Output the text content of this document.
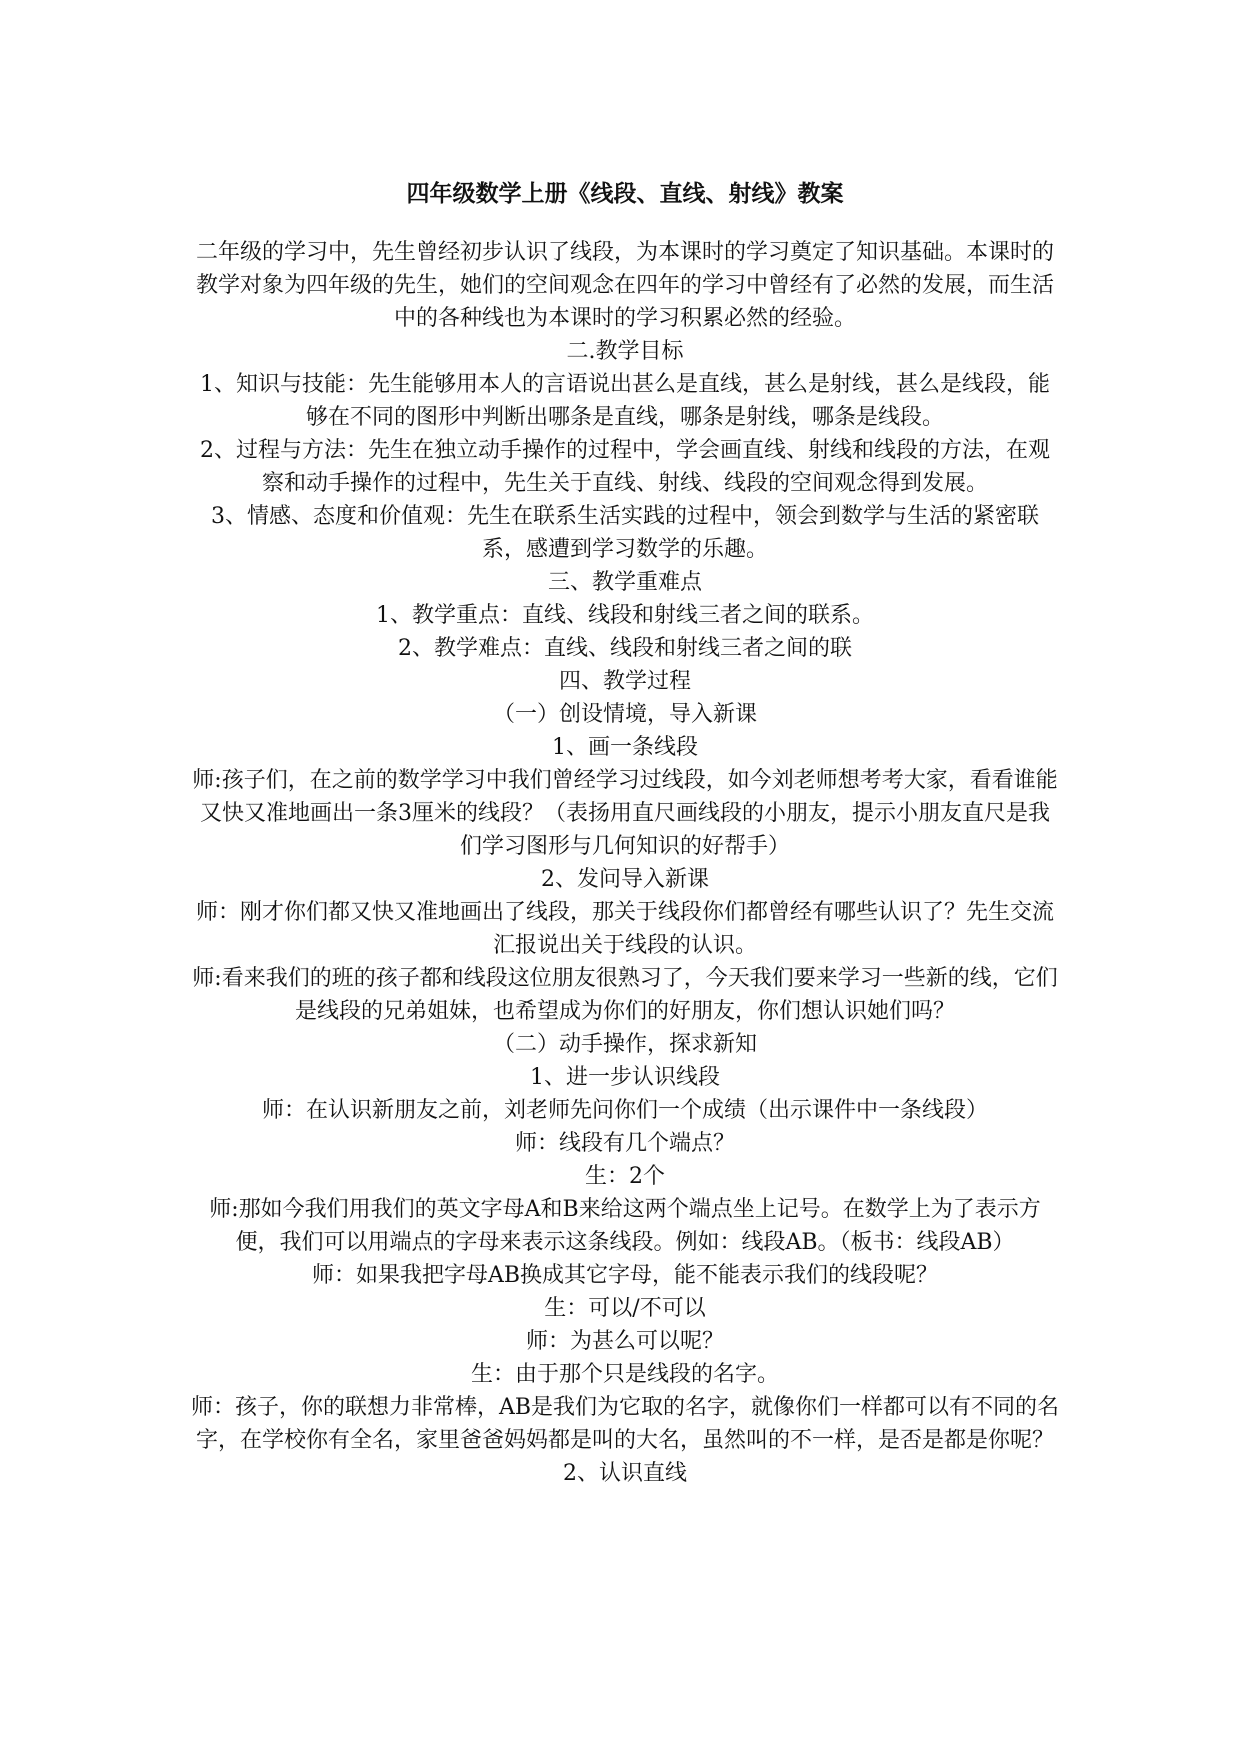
四年级数学上册《线段、直线、射线》教案

二年级的学习中，先生曾经初步认识了线段，为本课时的学习奠定了知识基础。本课时的教学对象为四年级的先生，她们的空间观念在四年的学习中曾经有了必然的发展，而生活中的各种线也为本课时的学习积累必然的经验。

二.教学目标

1、知识与技能：先生能够用本人的言语说出甚么是直线，甚么是射线，甚么是线段，能够在不同的图形中判断出哪条是直线，哪条是射线，哪条是线段。

2、过程与方法：先生在独立动手操作的过程中，学会画直线、射线和线段的方法，在观察和动手操作的过程中，先生关于直线、射线、线段的空间观念得到发展。

3、情感、态度和价值观：先生在联系生活实践的过程中，领会到数学与生活的紧密联系，感遭到学习数学的乐趣。

三、教学重难点

1、教学重点：直线、线段和射线三者之间的联系。

2、教学难点：直线、线段和射线三者之间的联

四、教学过程

（一）创设情境，导入新课

1、画一条线段

师:孩子们，在之前的数学学习中我们曾经学习过线段，如今刘老师想考考大家，看看谁能又快又准地画出一条3厘米的线段？（表扬用直尺画线段的小朋友，提示小朋友直尺是我们学习图形与几何知识的好帮手）

2、发问导入新课

师：刚才你们都又快又准地画出了线段，那关于线段你们都曾经有哪些认识了？先生交流汇报说出关于线段的认识。

师:看来我们的班的孩子都和线段这位朋友很熟习了，今天我们要来学习一些新的线，它们是线段的兄弟姐妹，也希望成为你们的好朋友，你们想认识她们吗？

（二）动手操作，探求新知

1、进一步认识线段

师：在认识新朋友之前，刘老师先问你们一个成绩（出示课件中一条线段）

师：线段有几个端点？

生：2个

师:那如今我们用我们的英文字母A和B来给这两个端点坐上记号。在数学上为了表示方便，我们可以用端点的字母来表示这条线段。例如：线段AB。（板书：线段AB）

师：如果我把字母AB换成其它字母，能不能表示我们的线段呢？

生：可以/不可以

师：为甚么可以呢？

生：由于那个只是线段的名字。

师：孩子，你的联想力非常棒，AB是我们为它取的名字，就像你们一样都可以有不同的名字，在学校你有全名，家里爸爸妈妈都是叫的大名，虽然叫的不一样，是否是都是你呢？

2、认识直线
